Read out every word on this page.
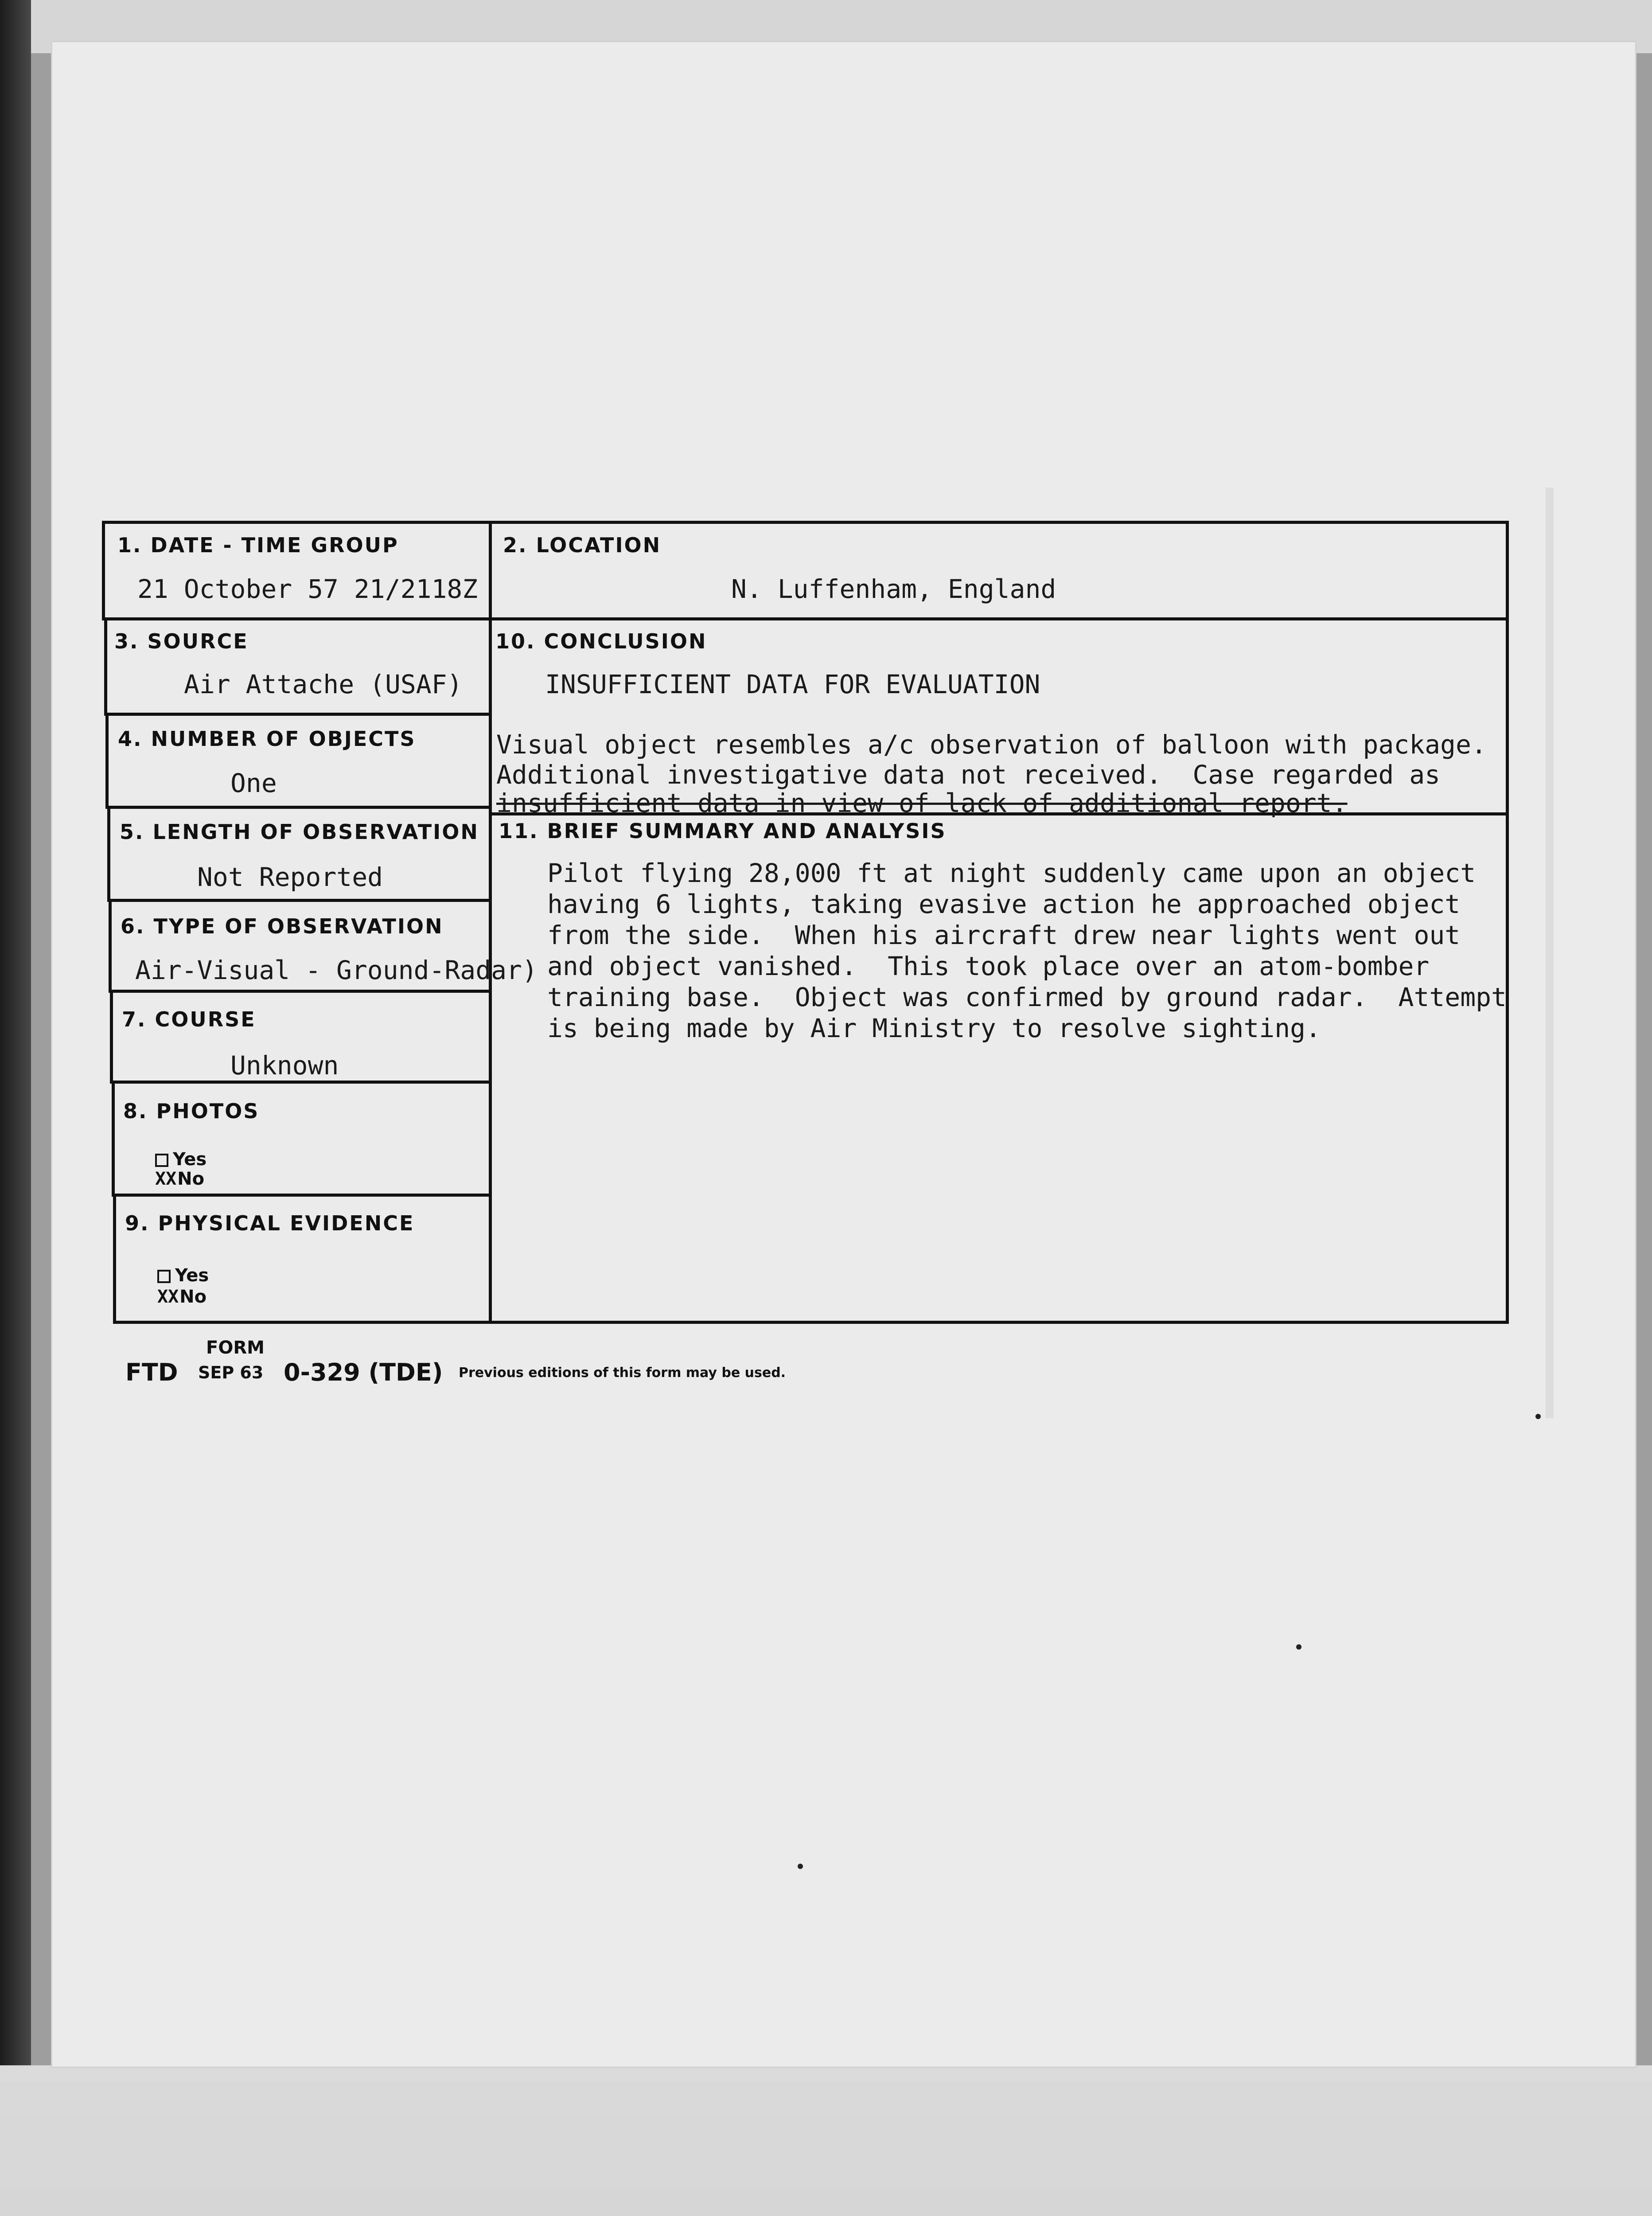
1. DATE - TIME GROUP
21 October 57 21/2118Z
2. LOCATION
N. Luffenham, England
3. SOURCE
Air Attache (USAF)
4. NUMBER OF OBJECTS
One
5. LENGTH OF OBSERVATION
Not Reported
6. TYPE OF OBSERVATION
Air-Visual - Ground-Radar)
7. COURSE
Unknown
8. PHOTOS
Yes
XXNo
9. PHYSICAL EVIDENCE
Yes
XXNo
10. CONCLUSION
INSUFFICIENT DATA FOR EVALUATION
Visual object resembles a/c observation of balloon with package.
Additional investigative data not received.  Case regarded as
insufficient data in view of lack of additional report.
11. BRIEF SUMMARY AND ANALYSIS
Pilot flying 28,000 ft at night suddenly came upon an object
having 6 lights, taking evasive action he approached object
from the side.  When his aircraft drew near lights went out
and object vanished.  This took place over an atom-bomber
training base.  Object was confirmed by ground radar.  Attempt
is being made by Air Ministry to resolve sighting.
FORM
FTD SEP 63 0-329 (TDE) Previous editions of this form may be used.
